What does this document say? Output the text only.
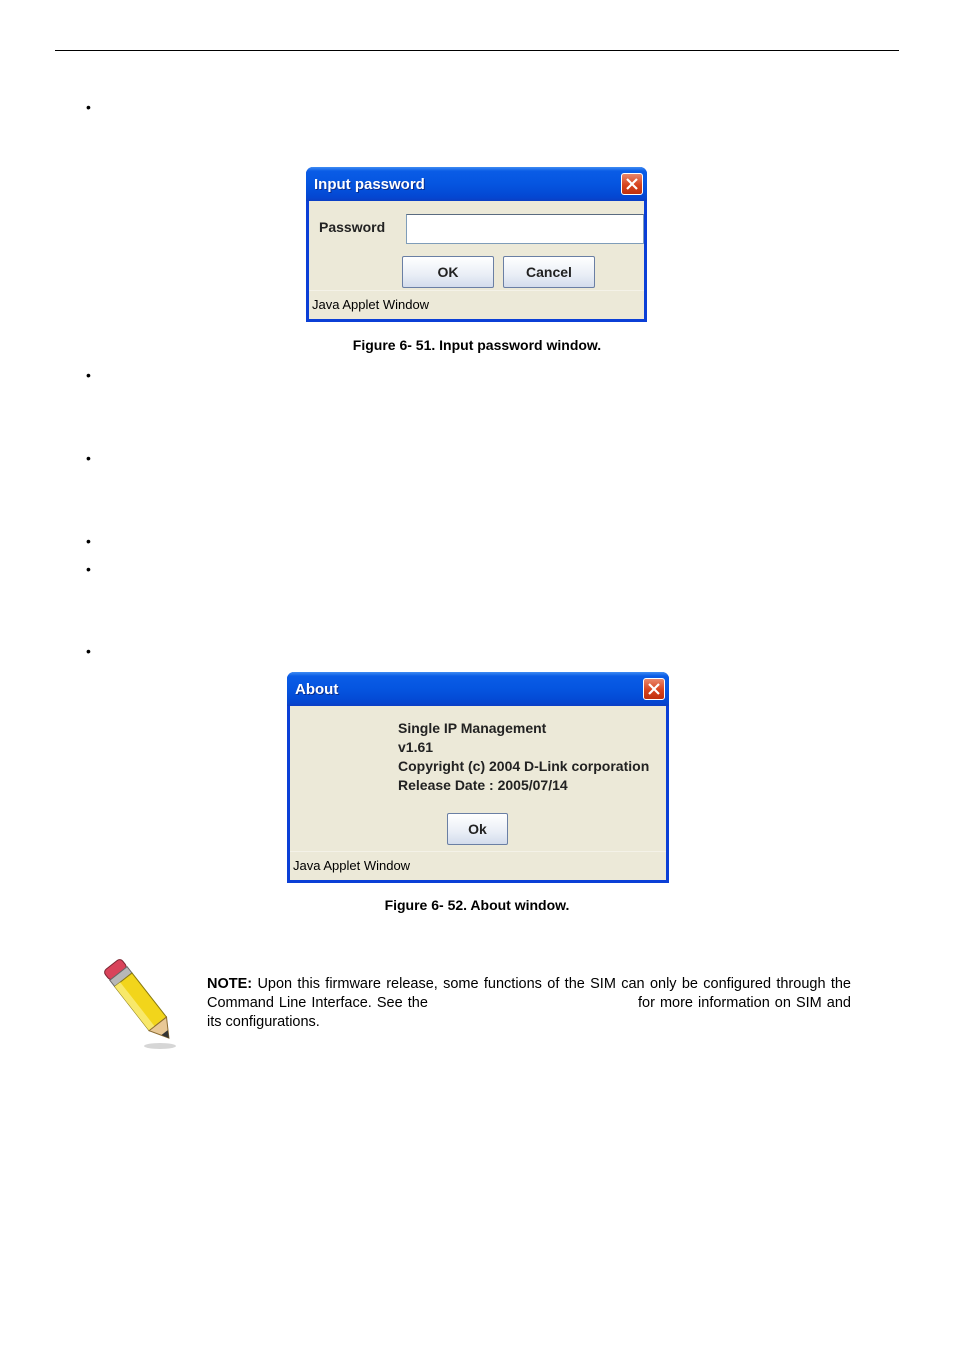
•
Input password
Password
OK	Cancel
Java Applet Window
Figure 6- 51. Input password window.
•
•
•
•
•
About
Single IP Management
v1.61
Copyright (c) 2004 D-Link corporation
Release Date : 2005/07/14
Ok
Java Applet Window
Figure 6- 52. About window.
NOTE: Upon this firmware release, some functions of the SIM can only be configured through the Command Line Interface. See the	for more information on SIM and its configurations.
